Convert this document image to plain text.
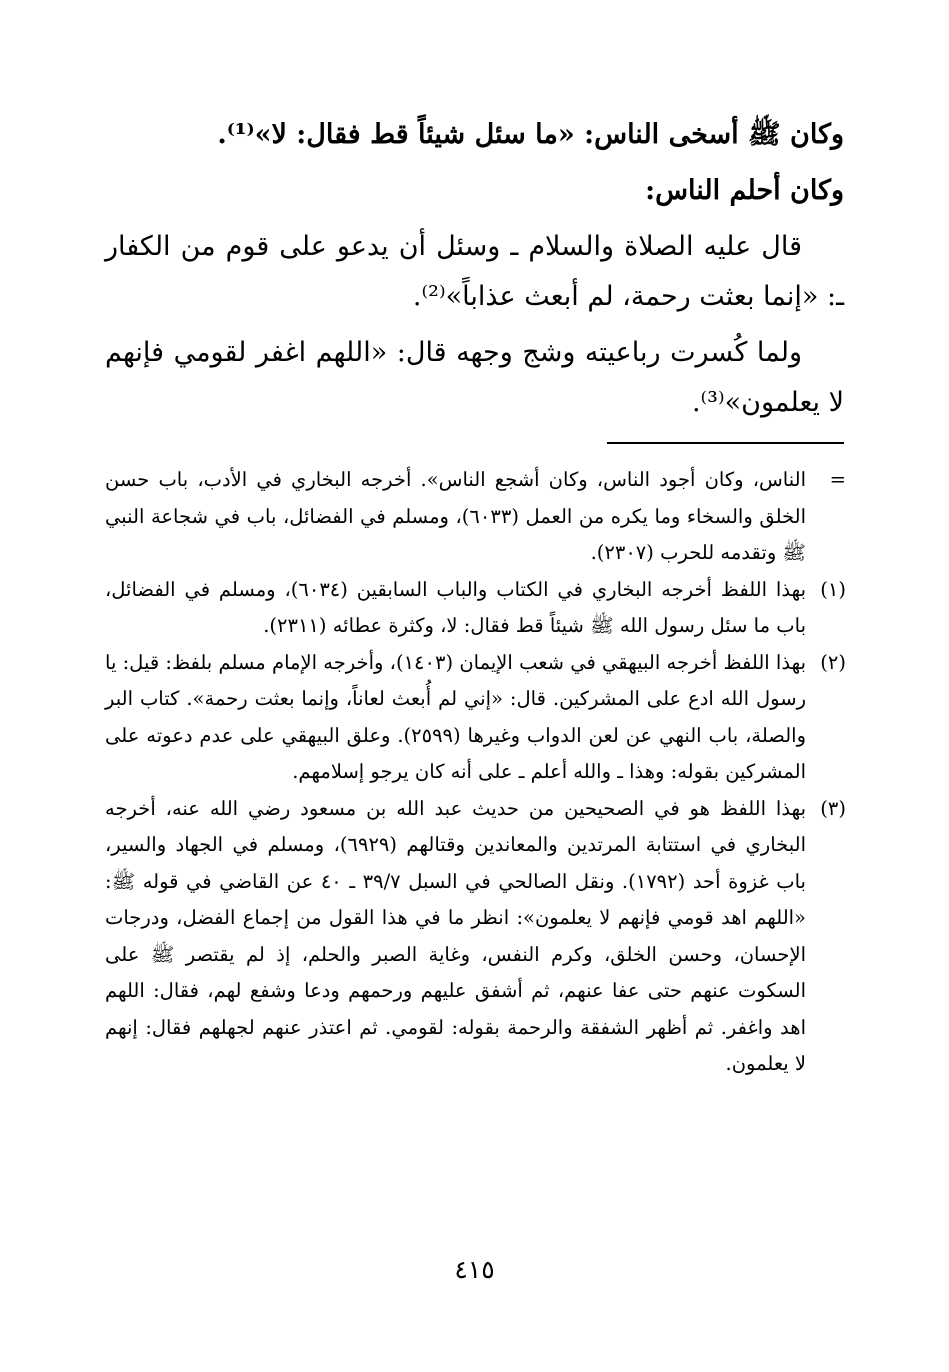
وكان ﷺ أسخى الناس: «ما سئل شيئاً قط فقال: لا»⁽¹⁾.

وكان أحلم الناس:

قال عليه الصلاة والسلام ـ وسئل أن يدعو على قوم من الكفار ـ: «إنما بعثت رحمة، لم أبعث عذاباً»⁽²⁾.

ولما كُسرت رباعيته وشج وجهه قال: «اللهم اغفر لقومي فإنهم لا يعلمون»⁽³⁾.

=
الناس، وكان أجود الناس، وكان أشجع الناس». أخرجه البخاري في الأدب، باب حسن الخلق والسخاء وما يكره من العمل (٦٠٣٣)، ومسلم في الفضائل، باب في شجاعة النبي ﷺ وتقدمه للحرب (٢٣٠٧).

(١)
بهذا اللفظ أخرجه البخاري في الكتاب والباب السابقين (٦٠٣٤)، ومسلم في الفضائل، باب ما سئل رسول الله ﷺ شيئاً قط فقال: لا، وكثرة عطائه (٢٣١١).

(٢)
بهذا اللفظ أخرجه البيهقي في شعب الإيمان (١٤٠٣)، وأخرجه الإمام مسلم بلفظ: قيل: يا رسول الله ادع على المشركين. قال: «إني لم أُبعث لعاناً، وإنما بعثت رحمة». كتاب البر والصلة، باب النهي عن لعن الدواب وغيرها (٢٥٩٩). وعلق البيهقي على عدم دعوته على المشركين بقوله: وهذا ـ والله أعلم ـ على أنه كان يرجو إسلامهم.

(٣)
بهذا اللفظ هو في الصحيحين من حديث عبد الله بن مسعود رضي الله عنه، أخرجه البخاري في استتابة المرتدين والمعاندين وقتالهم (٦٩٢٩)، ومسلم في الجهاد والسير، باب غزوة أحد (١٧٩٢). ونقل الصالحي في السبل ٣٩/٧ ـ ٤٠ عن القاضي في قوله ﷺ: «اللهم اهد قومي فإنهم لا يعلمون»: انظر ما في هذا القول من إجماع الفضل، ودرجات الإحسان، وحسن الخلق، وكرم النفس، وغاية الصبر والحلم، إذ لم يقتصر ﷺ على السكوت عنهم حتى عفا عنهم، ثم أشفق عليهم ورحمهم ودعا وشفع لهم، فقال: اللهم اهد واغفر. ثم أظهر الشفقة والرحمة بقوله: لقومي. ثم اعتذر عنهم لجهلهم فقال: إنهم لا يعلمون.

٤١٥
